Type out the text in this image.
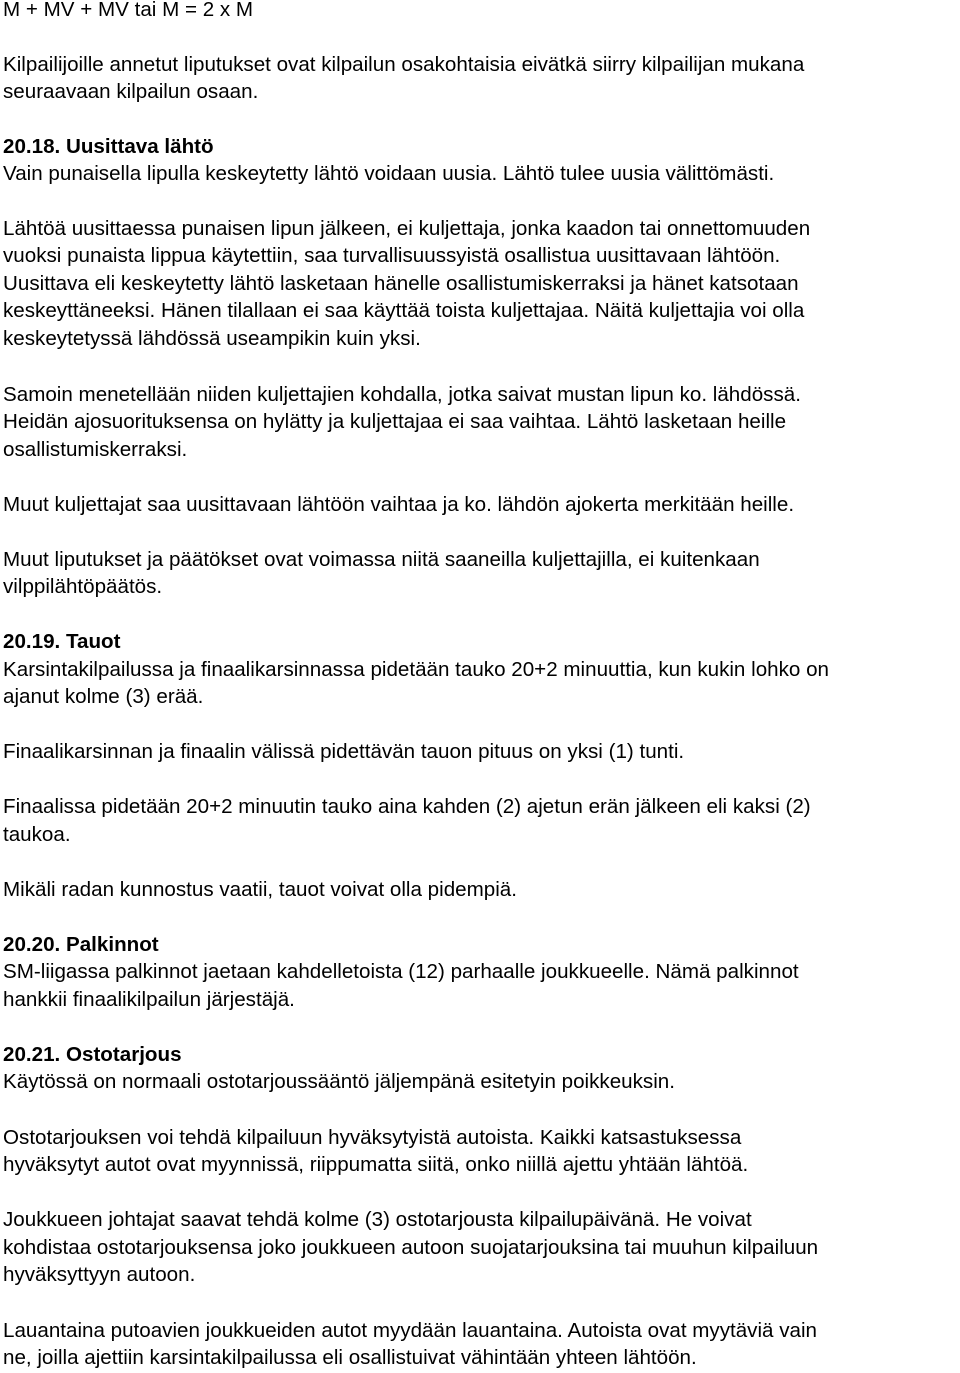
M + MV + MV tai M = 2 x M
Kilpailijoille annetut liputukset ovat kilpailun osakohtaisia eivätkä siirry kilpailijan mukana
seuraavaan kilpailun osaan.
20.18. Uusittava lähtö
Vain punaisella lipulla keskeytetty lähtö voidaan uusia. Lähtö tulee uusia välittömästi.
Lähtöä uusittaessa punaisen lipun jälkeen, ei kuljettaja, jonka kaadon tai onnettomuuden
vuoksi punaista lippua käytettiin, saa turvallisuussyistä osallistua uusittavaan lähtöön.
Uusittava eli keskeytetty lähtö lasketaan hänelle osallistumiskerraksi ja hänet katsotaan
keskeyttäneeksi. Hänen tilallaan ei saa käyttää toista kuljettajaa. Näitä kuljettajia voi olla
keskeytetyssä lähdössä useampikin kuin yksi.
Samoin menetellään niiden kuljettajien kohdalla, jotka saivat mustan lipun ko. lähdössä.
Heidän ajosuorituksensa on hylätty ja kuljettajaa ei saa vaihtaa. Lähtö lasketaan heille
osallistumiskerraksi.
Muut kuljettajat saa uusittavaan lähtöön vaihtaa ja ko. lähdön ajokerta merkitään heille.
Muut liputukset ja päätökset ovat voimassa niitä saaneilla kuljettajilla, ei kuitenkaan
vilppilähtöpäätös.
20.19. Tauot
Karsintakilpailussa ja finaalikarsinnassa pidetään tauko 20+2 minuuttia, kun kukin lohko on
ajanut kolme (3) erää.
Finaalikarsinnan ja finaalin välissä pidettävän tauon pituus on yksi (1) tunti.
Finaalissa pidetään 20+2 minuutin tauko aina kahden (2) ajetun erän jälkeen eli kaksi (2)
taukoa.
Mikäli radan kunnostus vaatii, tauot voivat olla pidempiä.
20.20. Palkinnot
SM-liigassa palkinnot jaetaan kahdelletoista (12) parhaalle joukkueelle. Nämä palkinnot
hankkii finaalikilpailun järjestäjä.
20.21. Ostotarjous
Käytössä on normaali ostotarjoussääntö jäljempänä esitetyin poikkeuksin.
Ostotarjouksen voi tehdä kilpailuun hyväksytyistä autoista. Kaikki katsastuksessa
hyväksytyt autot ovat myynnissä, riippumatta siitä, onko niillä ajettu yhtään lähtöä.
Joukkueen johtajat saavat tehdä kolme (3) ostotarjousta kilpailupäivänä. He voivat
kohdistaa ostotarjouksensa joko joukkueen autoon suojatarjouksina tai muuhun kilpailuun
hyväksyttyyn autoon.
Lauantaina putoavien joukkueiden autot myydään lauantaina. Autoista ovat myytäviä vain
ne, joilla ajettiin karsintakilpailussa eli osallistuivat vähintään yhteen lähtöön.
